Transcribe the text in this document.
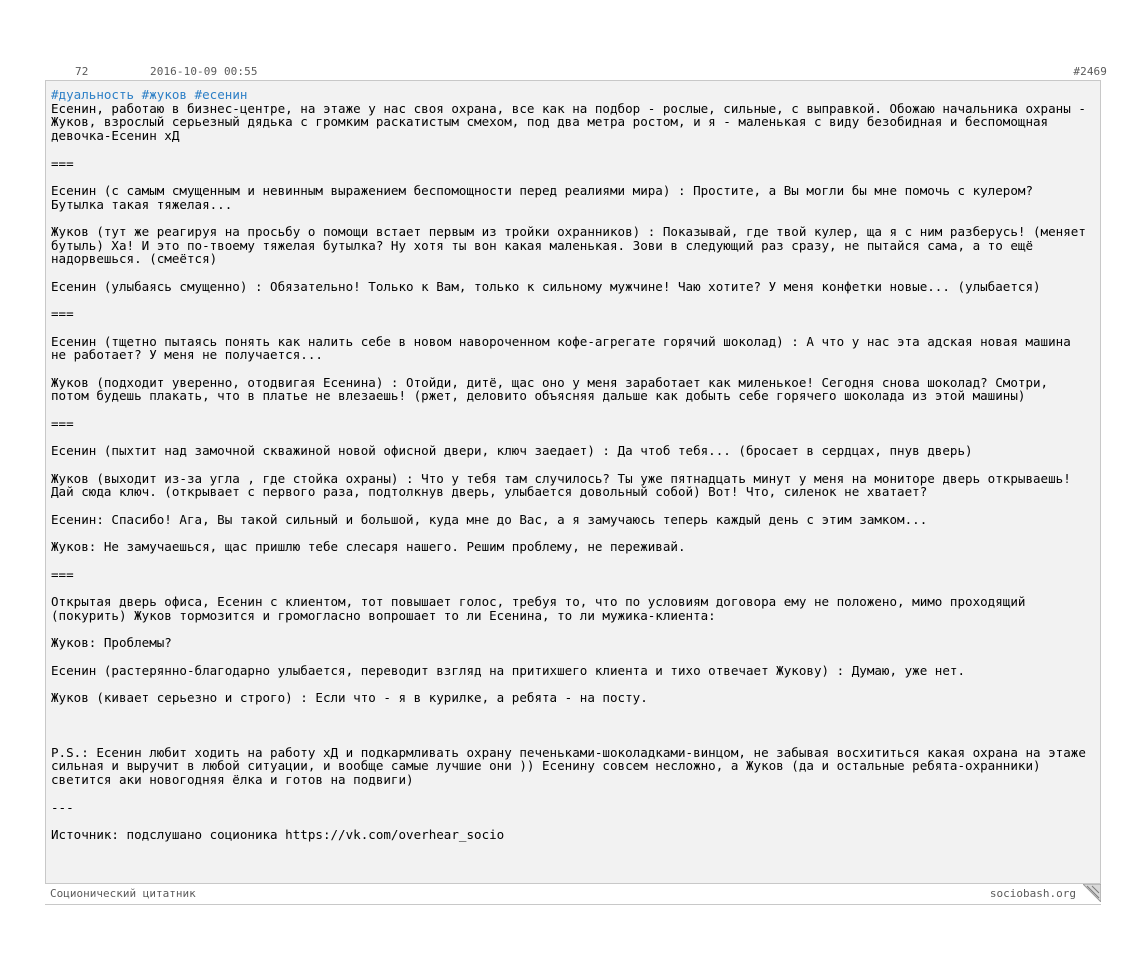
72	2016-10-09 00:55	#2469
#дуальность #жуков #есенин
Есенин, работаю в бизнес-центре, на этаже у нас своя охрана, все как на подбор - рослые, сильные, с выправкой. Обожаю начальника охраны - Жуков, взрослый серьезный дядька с громким раскатистым смехом, под два метра ростом, и я - маленькая с виду безобидная и беспомощная девочка-Есенин хД

===

Есенин (с самым смущенным и невинным выражением беспомощности перед реалиями мира) : Простите, а Вы могли бы мне помочь с кулером? Бутылка такая тяжелая...

Жуков (тут же реагируя на просьбу о помощи встает первым из тройки охранников) : Показывай, где твой кулер, ща я с ним разберусь! (меняет бутыль) Ха! И это по-твоему тяжелая бутылка? Ну хотя ты вон какая маленькая. Зови в следующий раз сразу, не пытайся сама, а то ещё надорвешься. (смеётся)

Есенин (улыбаясь смущенно) : Обязательно! Только к Вам, только к сильному мужчине! Чаю хотите? У меня конфетки новые... (улыбается)

===

Есенин (тщетно пытаясь понять как налить себе в новом навороченном кофе-агрегате горячий шоколад) : А что у нас эта адская новая машина не работает? У меня не получается...

Жуков (подходит уверенно, отодвигая Есенина) : Отойди, дитё, щас оно у меня заработает как миленькое! Сегодня снова шоколад? Смотри, потом будешь плакать, что в платье не влезаешь! (ржет, деловито объясняя дальше как добыть себе горячего шоколада из этой машины)

===

Есенин (пыхтит над замочной скважиной новой офисной двери, ключ заедает) : Да чтоб тебя... (бросает в сердцах, пнув дверь)

Жуков (выходит из-за угла , где стойка охраны) : Что у тебя там случилось? Ты уже пятнадцать минут у меня на мониторе дверь открываешь! Дай сюда ключ. (открывает с первого раза, подтолкнув дверь, улыбается довольный собой) Вот! Что, силенок не хватает?

Есенин: Спасибо! Ага, Вы такой сильный и большой, куда мне до Вас, а я замучаюсь теперь каждый день с этим замком...

Жуков: Не замучаешься, щас пришлю тебе слесаря нашего. Решим проблему, не переживай.

===

Открытая дверь офиса, Есенин с клиентом, тот повышает голос, требуя то, что по условиям договора ему не положено, мимо проходящий (покурить) Жуков тормозится и громогласно вопрошает то ли Есенина, то ли мужика-клиента:

Жуков: Проблемы?

Есенин (растерянно-благодарно улыбается, переводит взгляд на притихшего клиента и тихо отвечает Жукову) : Думаю, уже нет.

Жуков (кивает серьезно и строго) : Если что - я в курилке, а ребята - на посту.

P.S.: Есенин любит ходить на работу хД и подкармливать охрану печеньками-шоколадками-винцом, не забывая восхититься какая охрана на этаже сильная и выручит в любой ситуации, и вообще самые лучшие они )) Есенину совсем несложно, а Жуков (да и остальные ребята-охранники) светится аки новогодняя ёлка и готов на подвиги)

---

Источник: подслушано соционика https://vk.com/overhear_socio
Соционический цитатник	sociobash.org
